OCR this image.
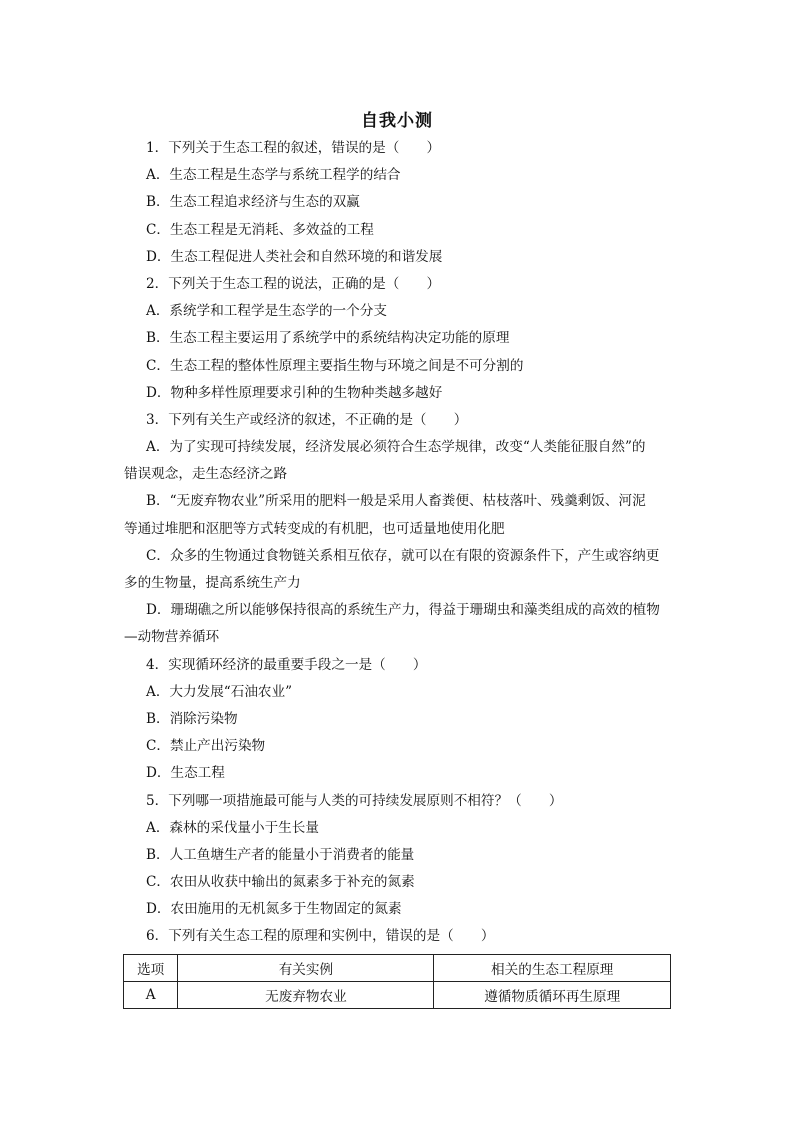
自我小测
1．下列关于生态工程的叙述，错误的是（　　）
A．生态工程是生态学与系统工程学的结合
B．生态工程追求经济与生态的双赢
C．生态工程是无消耗、多效益的工程
D．生态工程促进人类社会和自然环境的和谐发展
2．下列关于生态工程的说法，正确的是（　　）
A．系统学和工程学是生态学的一个分支
B．生态工程主要运用了系统学中的系统结构决定功能的原理
C．生态工程的整体性原理主要指生物与环境之间是不可分割的
D．物种多样性原理要求引种的生物种类越多越好
3．下列有关生产或经济的叙述，不正确的是（　　）
A．为了实现可持续发展，经济发展必须符合生态学规律，改变“人类能征服自然”的
错误观念，走生态经济之路
B．“无废弃物农业”所采用的肥料一般是采用人畜粪便、枯枝落叶、残羹剩饭、河泥
等通过堆肥和沤肥等方式转变成的有机肥，也可适量地使用化肥
C．众多的生物通过食物链关系相互依存，就可以在有限的资源条件下，产生或容纳更
多的生物量，提高系统生产力
D．珊瑚礁之所以能够保持很高的系统生产力，得益于珊瑚虫和藻类组成的高效的植物
—动物营养循环
4．实现循环经济的最重要手段之一是（　　）
A．大力发展“石油农业”
B．消除污染物
C．禁止产出污染物
D．生态工程
5．下列哪一项措施最可能与人类的可持续发展原则不相符？（　　）
A．森林的采伐量小于生长量
B．人工鱼塘生产者的能量小于消费者的能量
C．农田从收获中输出的氮素多于补充的氮素
D．农田施用的无机氮多于生物固定的氮素
6．下列有关生态工程的原理和实例中，错误的是（　　）
选项	有关实例	相关的生态工程原理
A	无废弃物农业	遵循物质循环再生原理
